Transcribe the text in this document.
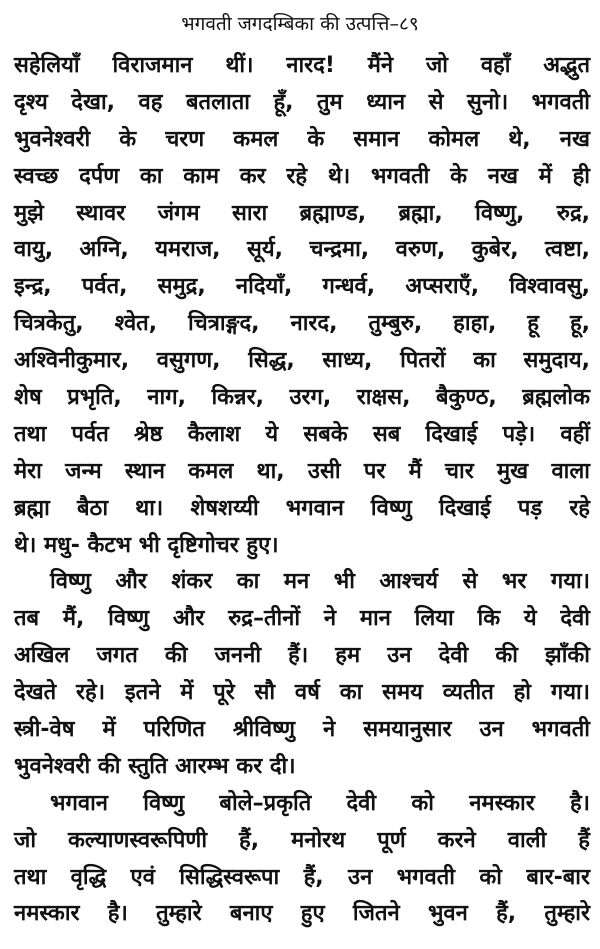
भगवती जगदम्बिका की उत्पत्ति–८९
सहेलियाँ विराजमान थीं। नारद! मैंने जो वहाँ अद्भुत
दृश्य देखा, वह बतलाता हूँ, तुम ध्यान से सुनो। भगवती
भुवनेश्वरी के चरण कमल के समान कोमल थे, नख
स्वच्छ दर्पण का काम कर रहे थे। भगवती के नख में ही
मुझे स्थावर जंगम सारा ब्रह्माण्ड, ब्रह्मा, विष्णु, रुद्र,
वायु, अग्नि, यमराज, सूर्य, चन्द्रमा, वरुण, कुबेर, त्वष्टा,
इन्द्र, पर्वत, समुद्र, नदियाँ, गन्धर्व, अप्सराएँ, विश्वावसु,
चित्रकेतु, श्वेत, चित्राङ्गद, नारद, तुम्बुरु, हाहा, हू हू,
अश्विनीकुमार, वसुगण, सिद्ध, साध्य, पितरों का समुदाय,
शेष प्रभृति, नाग, किन्नर, उरग, राक्षस, बैकुण्ठ, ब्रह्मलोक
तथा पर्वत श्रेष्ठ कैलाश ये सबके सब दिखाई पड़े। वहीं
मेरा जन्म स्थान कमल था, उसी पर मैं चार मुख वाला
ब्रह्मा बैठा था। शेषशय्यी भगवान विष्णु दिखाई पड़ रहे
थे। मधु- कैटभ भी दृष्टिगोचर हुए।
विष्णु और शंकर का मन भी आश्चर्य से भर गया।
तब मैं, विष्णु और रुद्र–तीनों ने मान लिया कि ये देवी
अखिल जगत की जननी हैं। हम उन देवी की झाँकी
देखते रहे। इतने में पूरे सौ वर्ष का समय व्यतीत हो गया।
स्त्री-वेष में परिणित श्रीविष्णु ने समयानुसार उन भगवती
भुवनेश्वरी की स्तुति आरम्भ कर दी।
भगवान विष्णु बोले–प्रकृति देवी को नमस्कार है।
जो कल्याणस्वरूपिणी हैं, मनोरथ पूर्ण करने वाली हैं
तथा वृद्धि एवं सिद्धिस्वरूपा हैं, उन भगवती को बार-बार
नमस्कार है। तुम्हारे बनाए हुए जितने भुवन हैं, तुम्हारे
